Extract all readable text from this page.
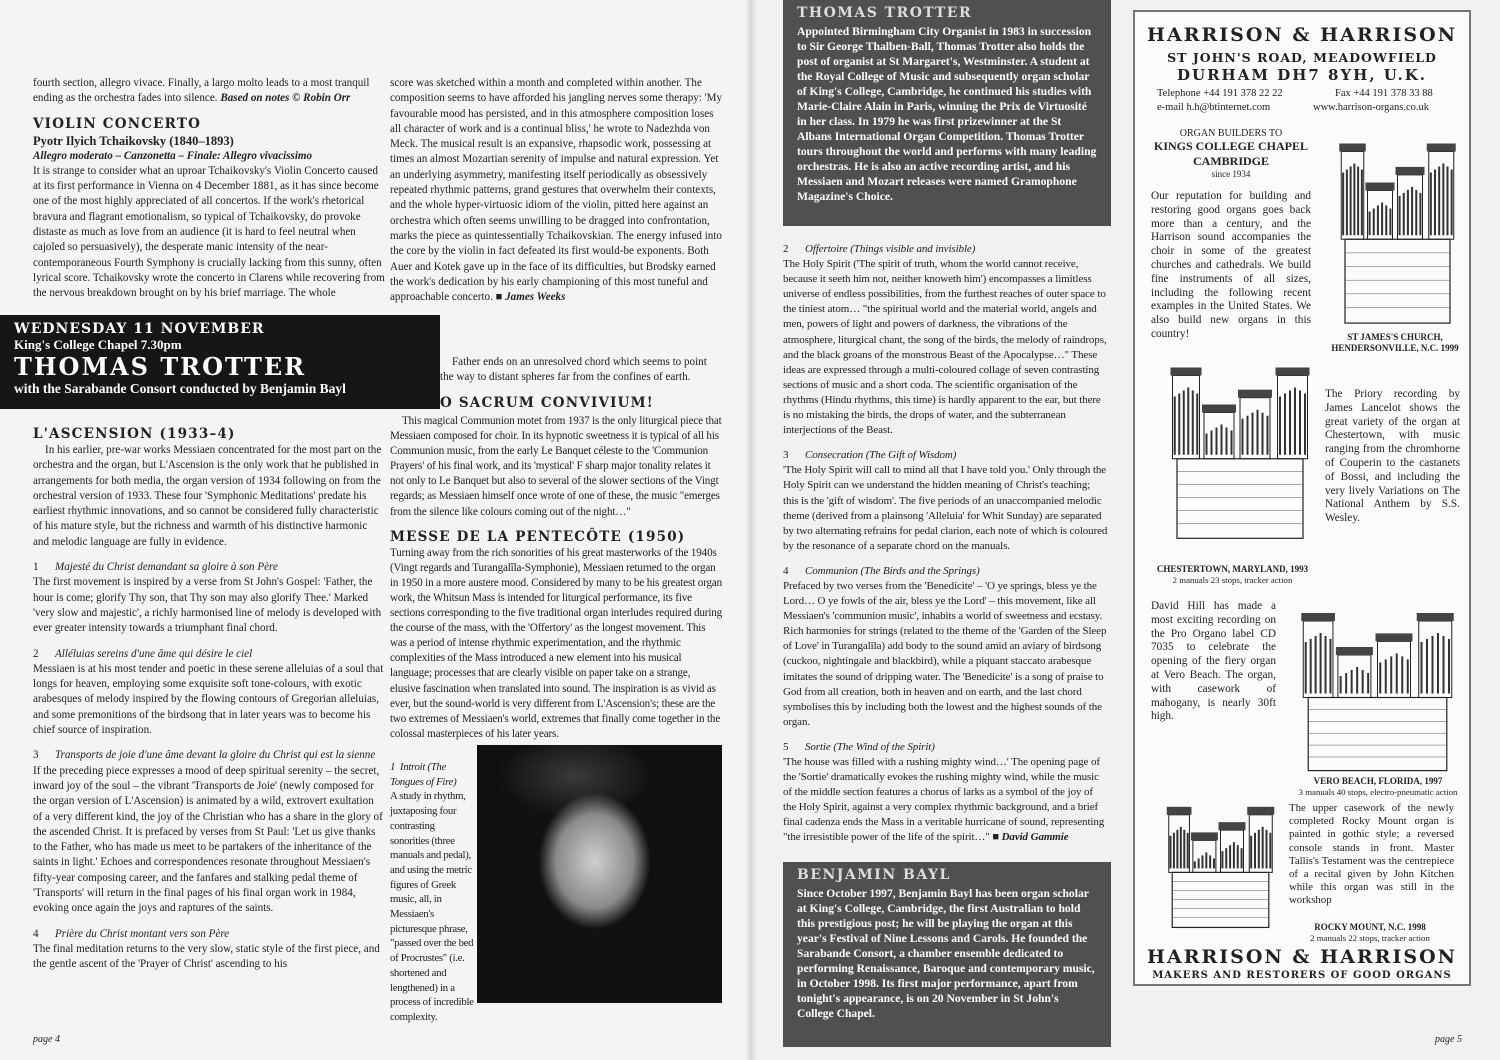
fourth section, allegro vivace. Finally, a largo molto leads to a most tranquil ending as the orchestra fades into silence. Based on notes © Robin Orr

VIOLIN CONCERTO
Pyotr Ilyich Tchaikovsky (1840–1893)
Allegro moderato – Canzonetta – Finale: Allegro vivacissimo

It is strange to consider what an uproar Tchaikovsky's Violin Concerto caused at its first performance in Vienna on 4 December 1881, as it has since become one of the most highly appreciated of all concertos. If the work's rhetorical bravura and flagrant emotionalism, so typical of Tchaikovsky, do provoke distaste as much as love from an audience (it is hard to feel neutral when cajoled so persuasively), the desperate manic intensity of the near-contemporaneous Fourth Symphony is crucially lacking from this sunny, often lyrical score. Tchaikovsky wrote the concerto in Clarens while recovering from the nervous breakdown brought on by his brief marriage. The whole

score was sketched within a month and completed within another. The composition seems to have afforded his jangling nerves some therapy: 'My favourable mood has persisted, and in this atmosphere composition loses all character of work and is a continual bliss,' he wrote to Nadezhda von Meck. The musical result is an expansive, rhapsodic work, possessing at times an almost Mozartian serenity of impulse and natural expression. Yet an underlying asymmetry, manifesting itself periodically as obsessively repeated rhythmic patterns, grand gestures that overwhelm their contexts, and the whole hyper-virtuosic idiom of the violin, pitted here against an orchestra which often seems unwilling to be dragged into confrontation, marks the piece as quintessentially Tchaikovskian. The energy infused into the core by the violin in fact defeated its first would-be exponents. Both Auer and Kotek gave up in the face of its difficulties, but Brodsky earned the work's dedication by his early championing of this most tuneful and approachable concerto. ■ James Weeks

WEDNESDAY 11 NOVEMBER
King's College Chapel 7.30pm
THOMAS TROTTER
with the Sarabande Consort conducted by Benjamin Bayl
L'ASCENSION (1933–4)

In his earlier, pre-war works Messiaen concentrated for the most part on the orchestra and the organ, but L'Ascension is the only work that he published in arrangements for both media, the organ version of 1934 following on from the orchestral version of 1933. These four 'Symphonic Meditations' predate his earliest rhythmic innovations, and so cannot be considered fully characteristic of his mature style, but the richness and warmth of his distinctive harmonic and melodic language are fully in evidence.

1 Majesté du Christ demandant sa gloire à son Père

The first movement is inspired by a verse from St John's Gospel: 'Father, the hour is come; glorify Thy son, that Thy son may also glorify Thee.' Marked 'very slow and majestic', a richly harmonised line of melody is developed with ever greater intensity towards a triumphant final chord.

2 Alléluias sereins d'une âme qui désire le ciel

Messiaen is at his most tender and poetic in these serene alleluias of a soul that longs for heaven, employing some exquisite soft tone-colours, with exotic arabesques of melody inspired by the flowing contours of Gregorian alleluias, and some premonitions of the birdsong that in later years was to become his chief source of inspiration.

3 Transports de joie d'une âme devant la gloire du Christ qui est la sienne

If the preceding piece expresses a mood of deep spiritual serenity – the secret, inward joy of the soul – the vibrant 'Transports de Joie' (newly composed for the organ version of L'Ascension) is animated by a wild, extrovert exultation of a very different kind, the joy of the Christian who has a share in the glory of the ascended Christ. It is prefaced by verses from St Paul: 'Let us give thanks to the Father, who has made us meet to be partakers of the inheritance of the saints in light.' Echoes and correspondences resonate throughout Messiaen's fifty-year composing career, and the fanfares and stalking pedal theme of 'Transports' will return in the final pages of his final organ work in 1984, evoking once again the joys and raptures of the saints.

4 Prière du Christ montant vers son Père

The final meditation returns to the very slow, static style of the first piece, and the gentle ascent of the 'Prayer of Christ' ascending to his

Father ends on an unresolved chord which seems to point the way to distant spheres far from the confines of earth.

O SACRUM CONVIVIUM!

This magical Communion motet from 1937 is the only liturgical piece that Messiaen composed for choir. In its hypnotic sweetness it is typical of all his Communion music, from the early Le Banquet céleste to the 'Communion Prayers' of his final work, and its 'mystical' F sharp major tonality relates it not only to Le Banquet but also to several of the slower sections of the Vingt regards; as Messiaen himself once wrote of one of these, the music "emerges from the silence like colours coming out of the night…"

MESSE DE LA PENTECÔTE (1950)

Turning away from the rich sonorities of his great masterworks of the 1940s (Vingt regards and Turangalîla-Symphonie), Messiaen returned to the organ in 1950 in a more austere mood. Considered by many to be his greatest organ work, the Whitsun Mass is intended for liturgical performance, its five sections corresponding to the five traditional organ interludes required during the course of the mass, with the 'Offertory' as the longest movement. This was a period of intense rhythmic experimentation, and the rhythmic complexities of the Mass introduced a new element into his musical language; processes that are clearly visible on paper take on a strange, elusive fascination when translated into sound. The inspiration is as vivid as ever, but the sound-world is very different from L'Ascension's; these are the two extremes of Messiaen's world, extremes that finally come together in the colossal masterpieces of his later years.

1 Introit (The Tongues of Fire)

A study in rhythm, juxtaposing four contrasting sonorities (three manuals and pedal), and using the metric figures of Greek music, all, in Messiaen's picturesque phrase, "passed over the bed of Procrustes" (i.e. shortened and lengthened) in a process of incredible complexity.

page 4
THOMAS TROTTER

Appointed Birmingham City Organist in 1983 in succession to Sir George Thalben-Ball, Thomas Trotter also holds the post of organist at St Margaret's, Westminster. A student at the Royal College of Music and subsequently organ scholar of King's College, Cambridge, he continued his studies with Marie-Claire Alain in Paris, winning the Prix de Virtuosité in her class. In 1979 he was first prizewinner at the St Albans International Organ Competition. Thomas Trotter tours throughout the world and performs with many leading orchestras. He is also an active recording artist, and his Messiaen and Mozart releases were named Gramophone Magazine's Choice.

2 Offertoire (Things visible and invisible)

The Holy Spirit ('The spirit of truth, whom the world cannot receive, because it seeth him not, neither knoweth him') encompasses a limitless universe of endless possibilities, from the furthest reaches of outer space to the tiniest atom… "the spiritual world and the material world, angels and men, powers of light and powers of darkness, the vibrations of the atmosphere, liturgical chant, the song of the birds, the melody of raindrops, and the black groans of the monstrous Beast of the Apocalypse…" These ideas are expressed through a multi-coloured collage of seven contrasting sections of music and a short coda. The scientific organisation of the rhythms (Hindu rhythms, this time) is hardly apparent to the ear, but there is no mistaking the birds, the drops of water, and the subterranean interjections of the Beast.

3 Consecration (The Gift of Wisdom)

'The Holy Spirit will call to mind all that I have told you.' Only through the Holy Spirit can we understand the hidden meaning of Christ's teaching; this is the 'gift of wisdom'. The five periods of an unaccompanied melodic theme (derived from a plainsong 'Alleluia' for Whit Sunday) are separated by two alternating refrains for pedal clarion, each note of which is coloured by the resonance of a separate chord on the manuals.

4 Communion (The Birds and the Springs)

Prefaced by two verses from the 'Benedicite' – 'O ye springs, bless ye the Lord… O ye fowls of the air, bless ye the Lord' – this movement, like all Messiaen's 'communion music', inhabits a world of sweetness and ecstasy. Rich harmonies for strings (related to the theme of the 'Garden of the Sleep of Love' in Turangalîla) add body to the sound amid an aviary of birdsong (cuckoo, nightingale and blackbird), while a piquant staccato arabesque imitates the sound of dripping water. The 'Benedicite' is a song of praise to God from all creation, both in heaven and on earth, and the last chord symbolises this by including both the lowest and the highest sounds of the organ.

5 Sortie (The Wind of the Spirit)

'The house was filled with a rushing mighty wind…' The opening page of the 'Sortie' dramatically evokes the rushing mighty wind, while the music of the middle section features a chorus of larks as a symbol of the joy of the Holy Spirit, against a very complex rhythmic background, and a brief final cadenza ends the Mass in a veritable hurricane of sound, representing "the irresistible power of the life of the spirit…" ■ David Gammie

BENJAMIN BAYL

Since October 1997, Benjamin Bayl has been organ scholar at King's College, Cambridge, the first Australian to hold this prestigious post; he will be playing the organ at this year's Festival of Nine Lessons and Carols. He founded the Sarabande Consort, a chamber ensemble dedicated to performing Renaissance, Baroque and contemporary music, in October 1998. Its first major performance, apart from tonight's appearance, is on 20 November in St John's College Chapel.

HARRISON & HARRISON
ST JOHN'S ROAD, MEADOWFIELD
DURHAM DH7 8YH, U.K.
Telephone +44 191 378 22 22	Fax +44 191 378 33 88
e-mail h.h@btinternet.com	www.harrison-organs.co.uk
ORGAN BUILDERS TO
KINGS COLLEGE CHAPEL
CAMBRIDGE
since 1934
Our reputation for building and restoring good organs goes back more than a century, and the Harrison sound accompanies the choir in some of the greatest churches and cathedrals. We build fine instruments of all sizes, including the following recent examples in the United States. We also build new organs in this country!
The Priory recording by James Lancelot shows the great variety of the organ at Chestertown, with music ranging from the chromhorne of Couperin to the castanets of Bossi, and including the very lively Variations on The National Anthem by S.S. Wesley.
David Hill has made a most exciting recording on the Pro Organo label CD 7035 to celebrate the opening of the fiery organ at Vero Beach. The organ, with casework of mahogany, is nearly 30ft high.
The upper casework of the newly completed Rocky Mount organ is painted in gothic style; a reversed console stands in front. Master Tallis's Testament was the centrepiece of a recital given by John Kitchen while this organ was still in the workshop
ST JAMES'S CHURCH,
HENDERSONVILLE, N.C. 1999
CHESTERTOWN, MARYLAND, 1993
2 manuals 23 stops, tracker action
VERO BEACH, FLORIDA, 1997
3 manuals 40 stops, electro-pneumatic action
ROCKY MOUNT, N.C. 1998
2 manuals 22 stops, tracker action
HARRISON & HARRISON
MAKERS AND RESTORERS OF GOOD ORGANS
page 5
